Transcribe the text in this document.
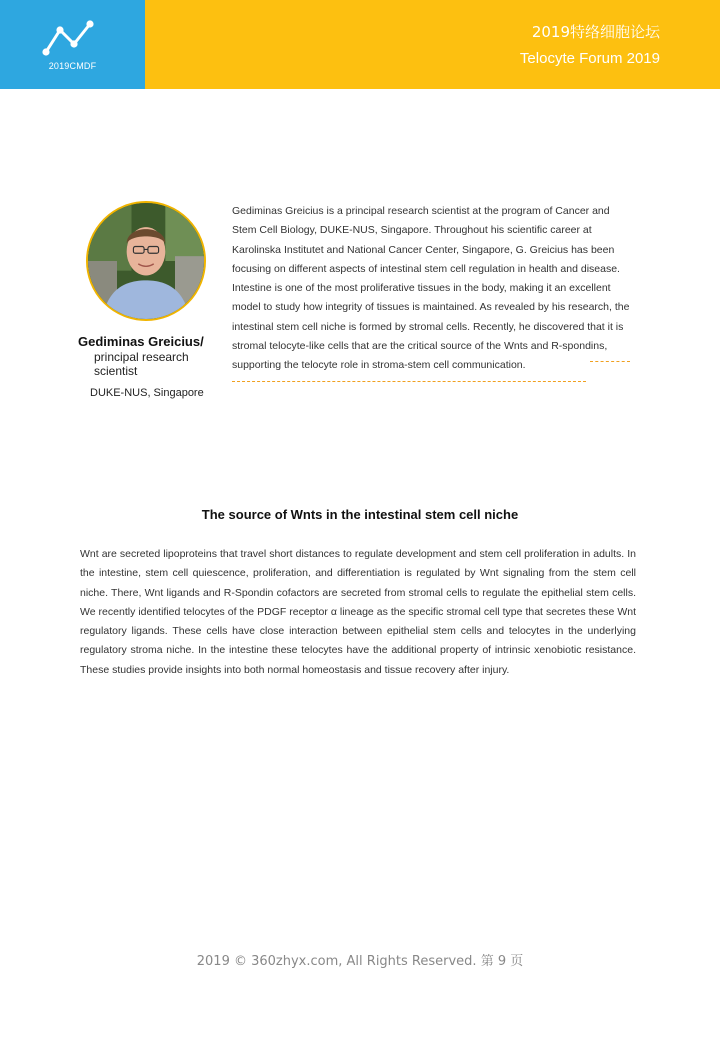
2019CMDF
2019特络细胞论坛
Telocyte Forum 2019
Gediminas Greicius/
principal research scientist
DUKE-NUS, Singapore
Gediminas Greicius is a principal research scientist at the program of Cancer and Stem Cell Biology, DUKE-NUS, Singapore. Throughout his scientific career at Karolinska Institutet and National Cancer Center, Singapore, G. Greicius has been focusing on different aspects of intestinal stem cell regulation in health and disease. Intestine is one of the most proliferative tissues in the body, making it an excellent model to study how integrity of tissues is maintained. As revealed by his research, the intestinal stem cell niche is formed by stromal cells. Recently, he discovered that it is stromal telocyte-like cells that are the critical source of the Wnts and R-spondins, supporting the telocyte role in stroma-stem cell communication.
The source of Wnts in the intestinal stem cell niche
Wnt are secreted lipoproteins that travel short distances to regulate development and stem cell proliferation in adults. In the intestine, stem cell quiescence, proliferation, and differentiation is regulated by Wnt signaling from the stem cell niche. There, Wnt ligands and R-Spondin cofactors are secreted from stromal cells to regulate the epithelial stem cells. We recently identified telocytes of the PDGF receptor α lineage as the specific stromal cell type that secretes these Wnt regulatory ligands. These cells have close interaction between epithelial stem cells and telocytes in the underlying regulatory stroma niche. In the intestine these telocytes have the additional property of intrinsic xenobiotic resistance. These studies provide insights into both normal homeostasis and tissue recovery after injury.
2019 © 360zhyx.com, All Rights Reserved. 第 9 页
